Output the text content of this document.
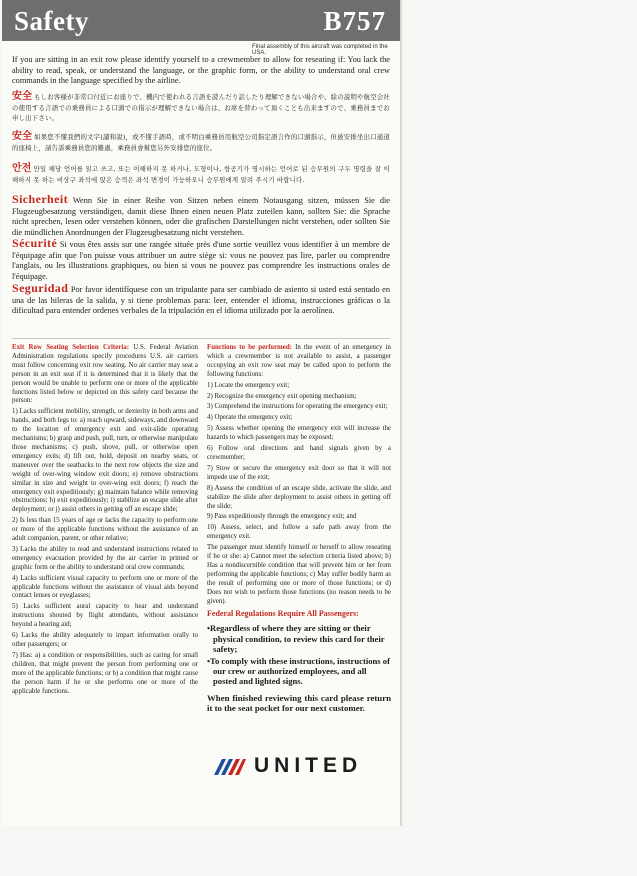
Safety	B757
Final assembly of this aircraft was completed in the USA.
If you are sitting in an exit row please identify yourself to a crewmember to allow for reseating if: You lack the ability to read, speak, or understand the language, or the graphic form, or the ability to understand oral crew commands in the language specified by the airline.
安全 もしお客様が非常口付近にお座りで、機内で使われる言語を読んだり話したり理解できない場合や、絵の説明や航空会社の使用する言語での乗務員による口頭での指示が理解できない場合は、お席を替わって頂くことも出来ますので、乗務員までお申し出下さい。
安全 如果您不懂我們的文字(讀和說)，或不懂手語時，或不明白乘務員用航空公司指定語言作的口頭指示，但被安排坐出口通道的座椅上，請告訴乘務員您的難處，乘務員會幫您另外安排您的座位。
안전 만일 해당 언어를 읽고 쓰고, 또는 이해하지 못 하거나, 도형이나, 항공기가 명시하는 언어로 된 승무원의 구두 명령을 잘 이해하지 못 하는 비상구 좌석에 앉은 승객은 좌석 변경이 가능하오니 승무원에게 알려 주시기 바랍니다.
Sicherheit Wenn Sie in einer Reihe von Sitzen neben einem Notausgang sitzen, müssen Sie die Flugzeugbesatzung verständigen, damit diese Ihnen einen neuen Platz zuteilen kann, sollten Sie: die Sprache nicht sprechen, lesen oder verstehen können, oder die grafischen Darstellungen nicht verstehen, oder sollten Sie die mündlichen Anordnungen der Flugzeugbesatzung nicht verstehen.
Sécurité Si vous êtes assis sur une rangée située près d'une sortie veuillez vous identifier à un membre de l'équipage afin que l'on puisse vous attribuer un autre siège si: vous ne pouvez pas lire, parler ou comprendre l'anglais, ou les illustrations graphiques, ou bien si vous ne pouvez pas comprendre les instructions orales de l'équipage.
Seguridad Por favor identifíquese con un tripulante para ser cambiado de asiento si usted está sentado en una de las hileras de la salida, y si tiene problemas para: leer, entender el idioma, instrucciones gráficas o la dificultad para entender ordenes verbales de la tripulación en el idioma utilizado por la aerolínea.

Exit Row Seating Selection Criteria: U.S. Federal Aviation Administration regulations specify procedures U.S. air carriers must follow concerning exit row seating. No air carrier may seat a person in an exit seat if it is determined that it is likely that the person would be unable to perform one or more of the applicable functions listed below or depicted on this safety card because the person:

1) Lacks sufficient mobility, strength, or dexterity in both arms and hands, and both legs to: a) reach upward, sideways, and downward to the location of emergency exit and exit-slide operating mechanisms; b) grasp and push, pull, turn, or otherwise manipulate those mechanisms; c) push, shove, pull, or otherwise open emergency exits; d) lift out, hold, deposit on nearby seats, or maneuver over the seatbacks to the next row objects the size and weight of over-wing window exit doors; e) remove obstructions similar in size and weight to over-wing exit doors; f) reach the emergency exit expeditiously; g) maintain balance while removing obstructions; h) exit expeditiously; i) stabilize an escape slide after deployment; or j) assist others in getting off an escape slide;

2) Is less than 15 years of age or lacks the capacity to perform one or more of the applicable functions without the assistance of an adult companion, parent, or other relative;

3) Lacks the ability to read and understand instructions related to emergency evacuation provided by the air carrier in printed or graphic form or the ability to understand oral crew commands;

4) Lacks sufficient visual capacity to perform one or more of the applicable functions without the assistance of visual aids beyond contact lenses or eyeglasses;

5) Lacks sufficient aural capacity to hear and understand instructions shouted by flight attendants, without assistance beyond a hearing aid;

6) Lacks the ability adequately to impart information orally to other passengers; or

7) Has: a) a condition or responsibilities, such as caring for small children, that might prevent the person from performing one or more of the applicable functions; or b) a condition that might cause the person harm if he or she performs one or more of the applicable functions.

Functions to be performed: In the event of an emergency in which a crewmember is not available to assist, a passenger occupying an exit row seat may be called upon to perform the following functions:

1) Locate the emergency exit;

2) Recognize the emergency exit opening mechanism;

3) Comprehend the instructions for operating the emergency exit;

4) Operate the emergency exit;

5) Assess whether opening the emergency exit will increase the hazards to which passengers may be exposed;

6) Follow oral directions and hand signals given by a crewmember;

7) Stow or secure the emergency exit door so that it will not impede use of the exit;

8) Assess the condition of an escape slide, activate the slide, and stabilize the slide after deployment to assist others in getting off the slide;

9) Pass expeditiously through the emergency exit; and

10) Assess, select, and follow a safe path away from the emergency exit.

The passenger must identify himself or herself to allow reseating if he or she: a) Cannot meet the selection criteria listed above; b) Has a nondiscernible condition that will prevent him or her from performing the applicable functions; c) May suffer bodily harm as the result of performing one or more of those functions; or d) Does not wish to perform those functions (no reason needs to be given).

Federal Regulations Require All Passengers:
•Regardless of where they are sitting or their physical condition, to review this card for their safety;
•To comply with these instructions, instructions of our crew or authorized employees, and all posted and lighted signs.
When finished reviewing this card please return it to the seat pocket for our next customer.
UNITED
